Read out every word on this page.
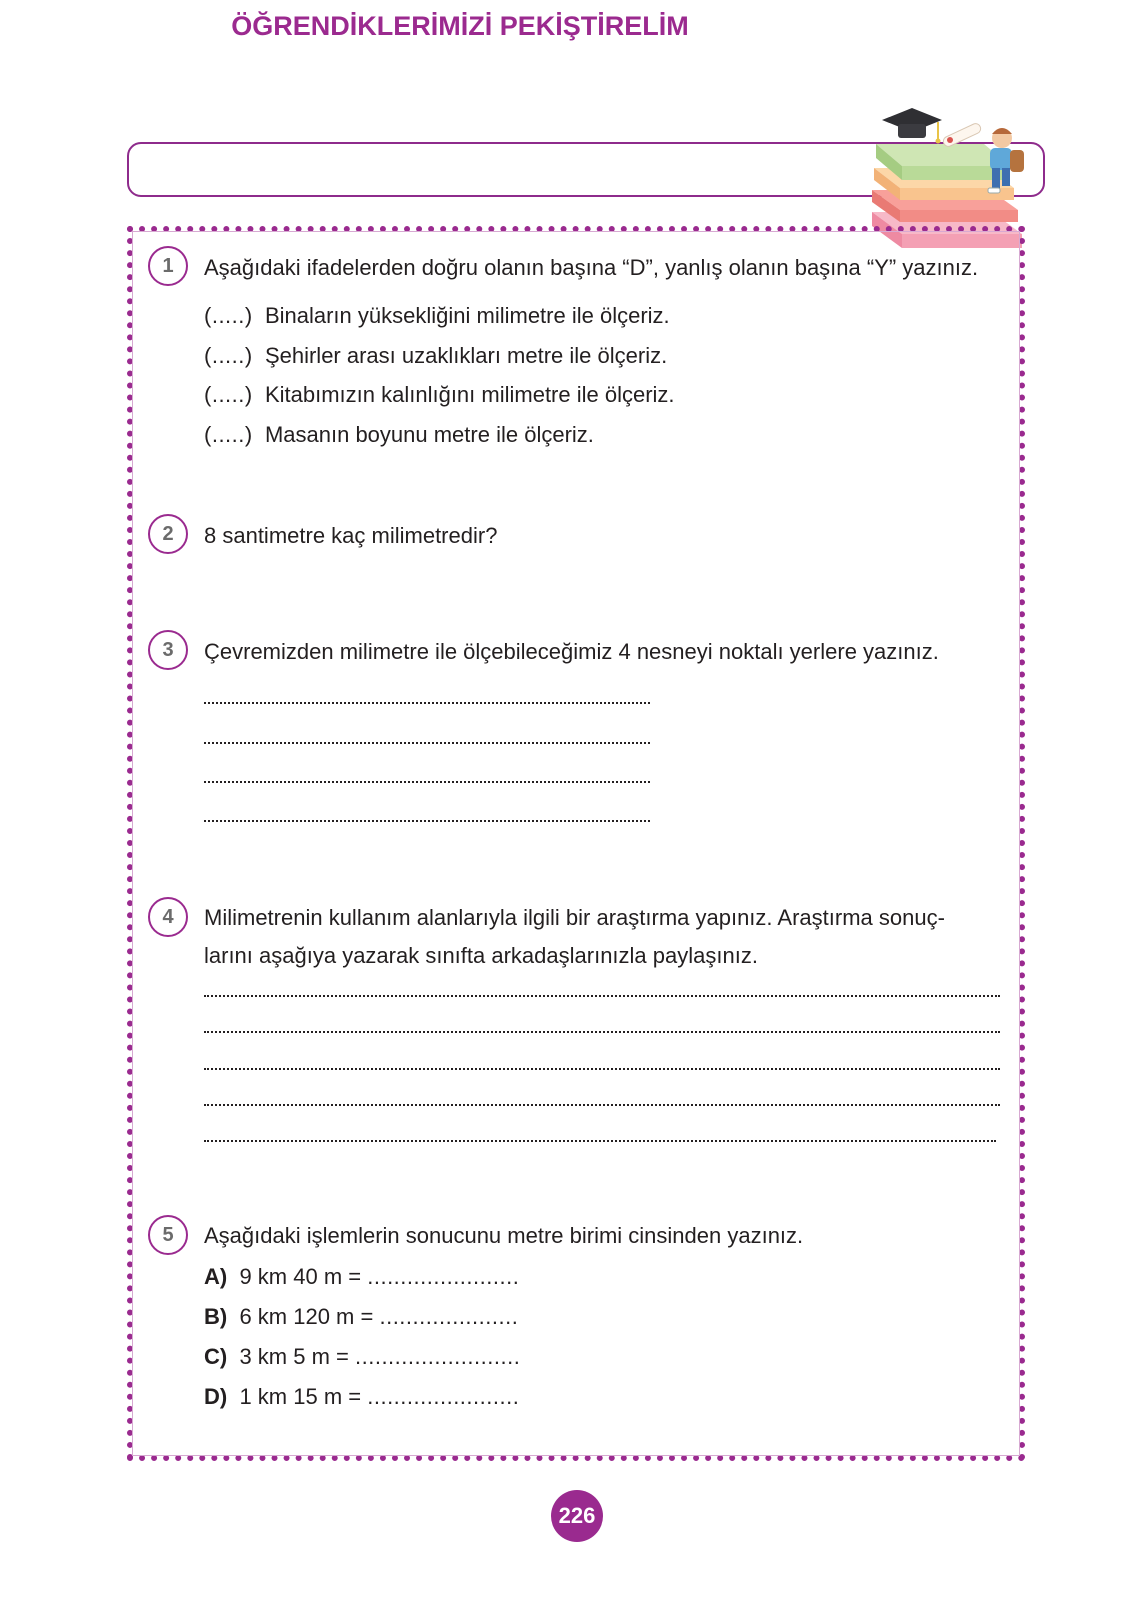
ÖĞRENDİKLERİMİZİ PEKİŞTİRELİM
1	Aşağıdaki ifadelerden doğru olanın başına “D”, yanlış olanın başına “Y” yazınız.
(.....) Binaların yüksekliğini milimetre ile ölçeriz.
(.....) Şehirler arası uzaklıkları metre ile ölçeriz.
(.....) Kitabımızın kalınlığını milimetre ile ölçeriz.
(.....) Masanın boyunu metre ile ölçeriz.
2	8 santimetre kaç milimetredir?
3	Çevremizden milimetre ile ölçebileceğimiz 4 nesneyi noktalı yerlere yazınız.
4	Milimetrenin kullanım alanlarıyla ilgili bir araştırma yapınız. Araştırma sonuç-
larını aşağıya yazarak sınıfta arkadaşlarınızla paylaşınız.
5	Aşağıdaki işlemlerin sonucunu metre birimi cinsinden yazınız.
A) 9 km 40 m = .......................
B) 6 km 120 m = .....................
C) 3 km 5 m = .........................
D) 1 km 15 m = .......................
226
